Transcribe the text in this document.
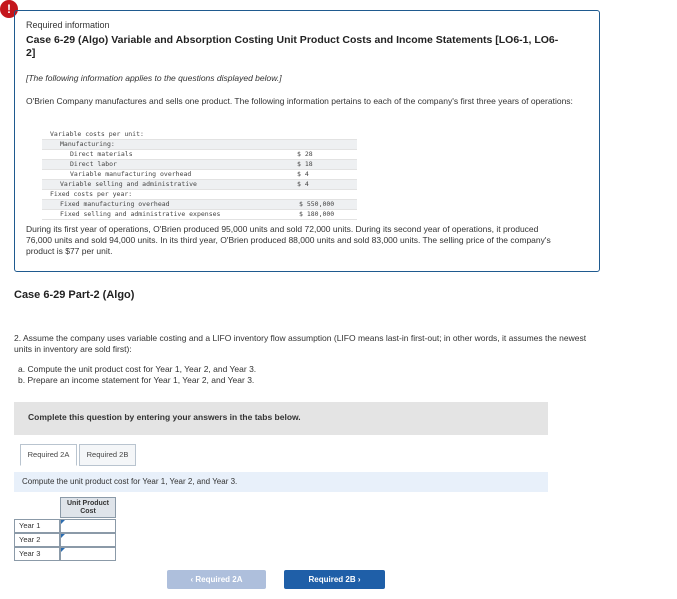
!
Required information
Case 6-29 (Algo) Variable and Absorption Costing Unit Product Costs and Income Statements [LO6-1, LO6-2]
[The following information applies to the questions displayed below.]
O'Brien Company manufactures and sells one product. The following information pertains to each of the company's first three years of operations:
Variable costs per unit:
Manufacturing:
Direct materials	$ 28
Direct labor	$ 18
Variable manufacturing overhead	$ 4
Variable selling and administrative	$ 4
Fixed costs per year:
Fixed manufacturing overhead	$ 550,000
Fixed selling and administrative expenses	$ 180,000
During its first year of operations, O'Brien produced 95,000 units and sold 72,000 units. During its second year of operations, it produced 76,000 units and sold 94,000 units. In its third year, O'Brien produced 88,000 units and sold 83,000 units. The selling price of the company's product is $77 per unit.
Case 6-29 Part-2 (Algo)
2. Assume the company uses variable costing and a LIFO inventory flow assumption (LIFO means last-in first-out; in other words, it assumes the newest units in inventory are sold first):
a. Compute the unit product cost for Year 1, Year 2, and Year 3.
b. Prepare an income statement for Year 1, Year 2, and Year 3.
Complete this question by entering your answers in the tabs below.
Required 2A	Required 2B
Compute the unit product cost for Year 1, Year 2, and Year 3.
Unit Product Cost
Year 1
Year 2
Year 3
‹ Required 2A	Required 2B ›
